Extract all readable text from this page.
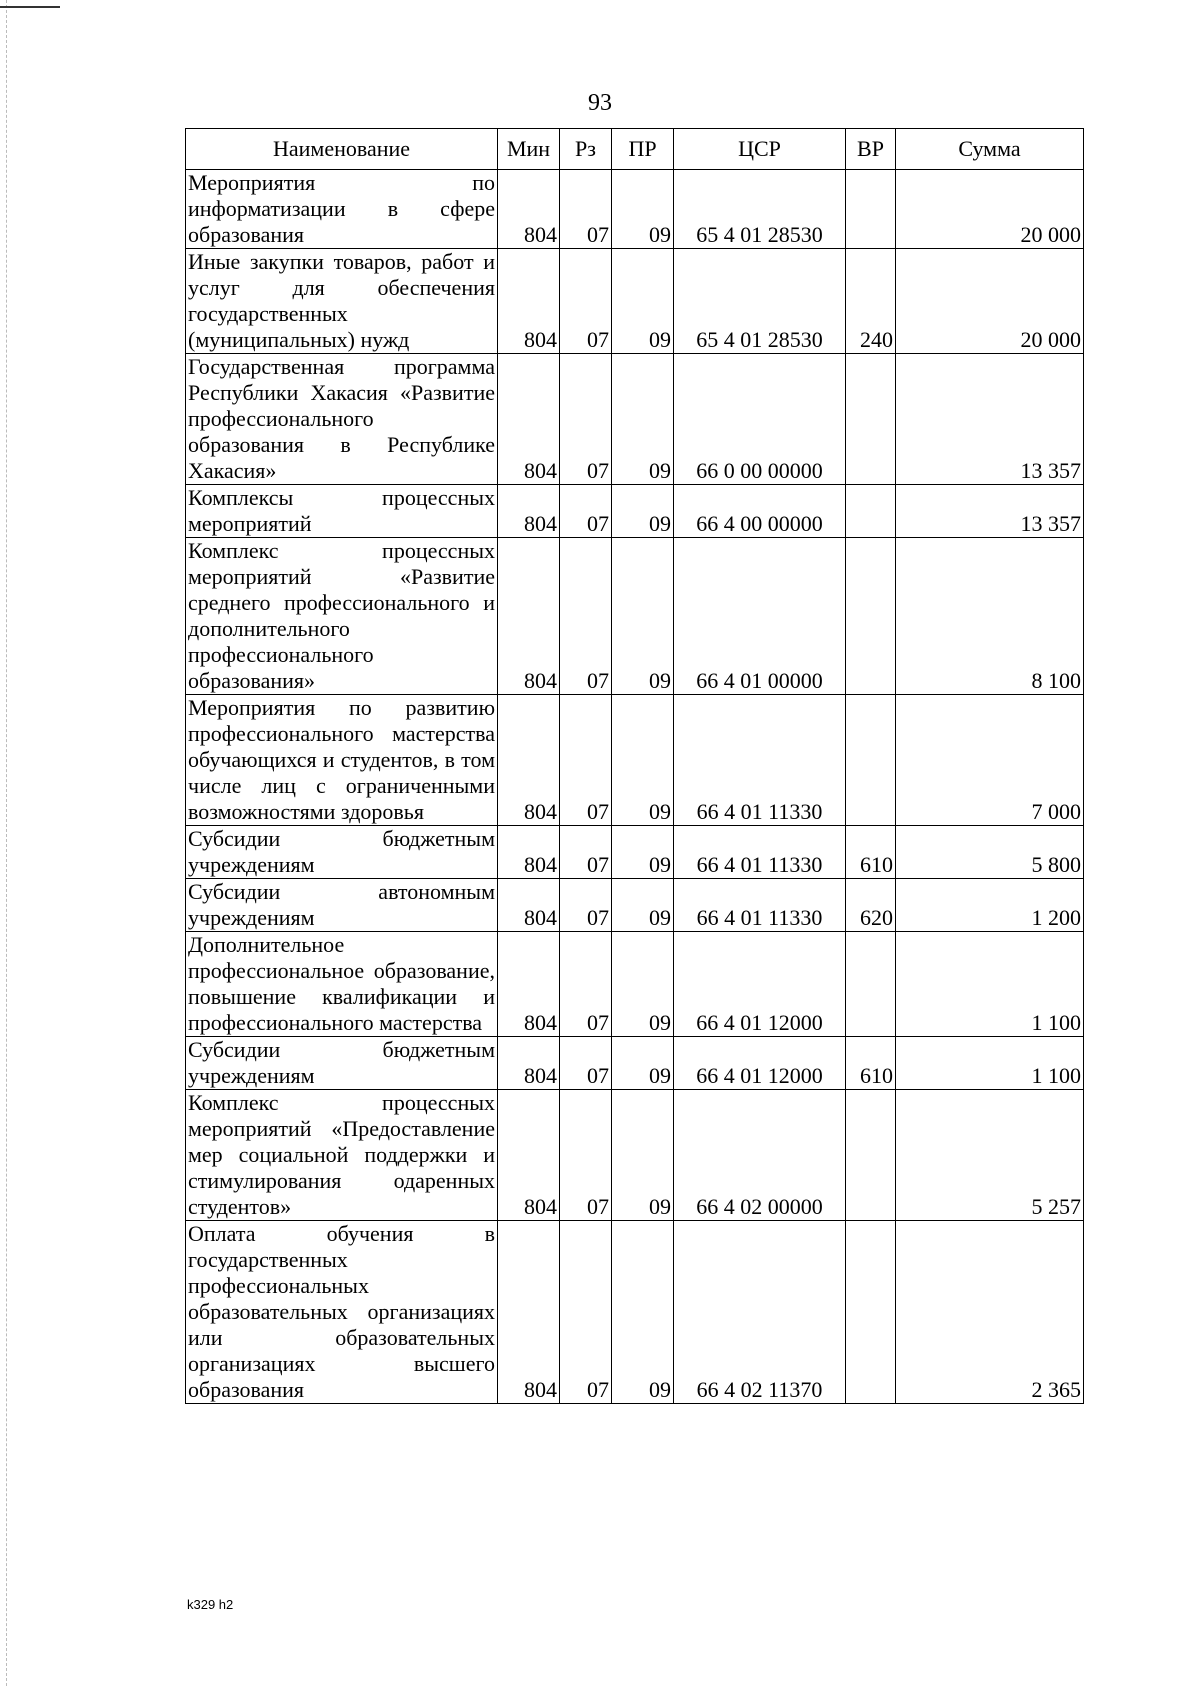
93
Наименование	Мин	Рз	ПР	ЦСР	ВР	Сумма
Мероприятия по информатизации в сфере образования	804	07	09	65 4 01 28530		20 000
Иные закупки товаров, работ и услуг для обеспечения государственных (муниципальных) нужд	804	07	09	65 4 01 28530	240	20 000
Государственная программа Республики Хакасия «Развитие профессионального образования в Республике Хакасия»	804	07	09	66 0 00 00000		13 357
Комплексы процессных мероприятий	804	07	09	66 4 00 00000		13 357
Комплекс процессных мероприятий «Развитие среднего профессионального и дополнительного профессионального образования»	804	07	09	66 4 01 00000		8 100
Мероприятия по развитию профессионального мастерства обучающихся и студентов, в том числе лиц с ограниченными возможностями здоровья	804	07	09	66 4 01 11330		7 000
Субсидии бюджетным учреждениям	804	07	09	66 4 01 11330	610	5 800
Субсидии автономным учреждениям	804	07	09	66 4 01 11330	620	1 200
Дополнительное профессиональное образование, повышение квалификации и профессионального мастерства	804	07	09	66 4 01 12000		1 100
Субсидии бюджетным учреждениям	804	07	09	66 4 01 12000	610	1 100
Комплекс процессных мероприятий «Предоставление мер социальной поддержки и стимулирования одаренных студентов»	804	07	09	66 4 02 00000		5 257
Оплата обучения в государственных профессиональных образовательных организациях или образовательных организациях высшего образования	804	07	09	66 4 02 11370		2 365
k329 h2
